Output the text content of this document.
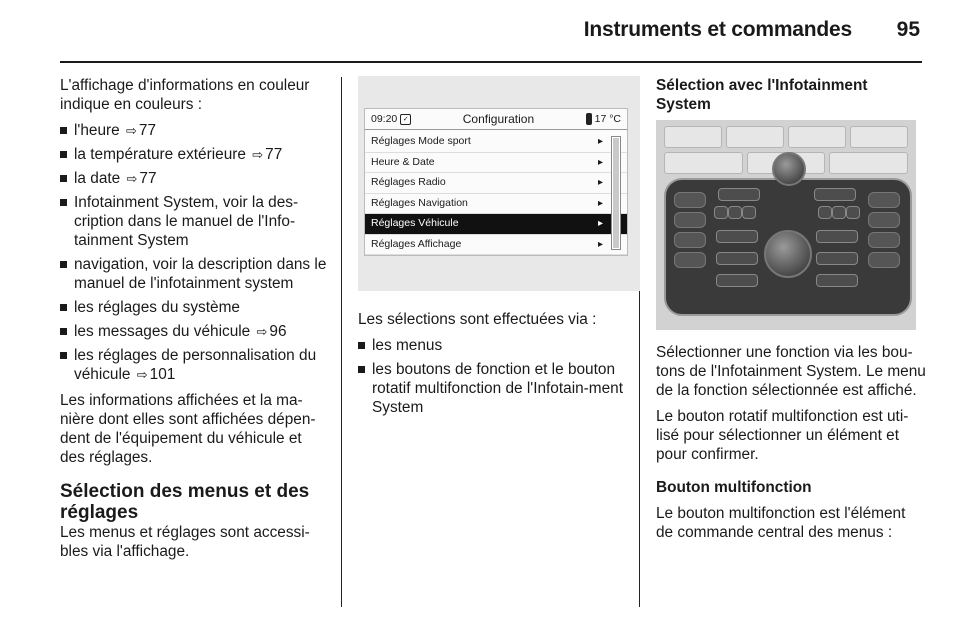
Instruments et commandes 95

L'affichage d'informations en couleur indique en couleurs :

l'heure ⇨ 77
la température extérieure ⇨ 77
la date ⇨ 77
Infotainment System, voir la des-cription dans le manuel de l'Info-tainment System
navigation, voir la description dans le manuel de l'infotainment system
les réglages du système
les messages du véhicule ⇨ 96
les réglages de personnalisation du véhicule ⇨ 101

Les informations affichées et la ma-nière dont elles sont affichées dépen-dent de l'équipement du véhicule et des réglages.

Sélection des menus et des réglages

Les menus et réglages sont accessi-bles via l'affichage.

09:20 ✓	Configuration	17 °C
Réglages Mode sport	▸
Heure & Date	▸
Réglages Radio	▸
Réglages Navigation	▸
Réglages Véhicule	▸
Réglages Affichage	▸

Les sélections sont effectuées via :

les menus
les boutons de fonction et le bouton rotatif multifonction de l'Infotain-ment System

Sélection avec l'Infotainment System

Sélectionner une fonction via les bou-tons de l'Infotainment System. Le menu de la fonction sélectionnée est affiché.

Le bouton rotatif multifonction est uti-lisé pour sélectionner un élément et pour confirmer.

Bouton multifonction

Le bouton multifonction est l'élément de commande central des menus :
